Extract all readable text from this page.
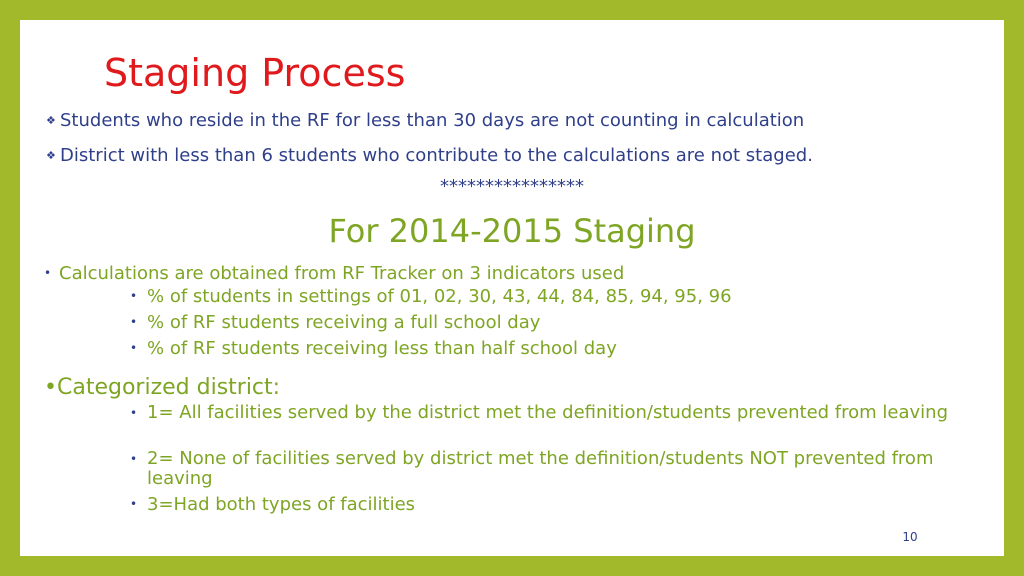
Staging Process
❖ Students who reside in the RF for less than 30 days are not counting in calculation
❖ District with less than 6 students who contribute to the calculations are not staged.
****************
For 2014-2015 Staging
• Calculations are obtained from RF Tracker on 3 indicators used
• % of students in settings of 01, 02, 30, 43, 44, 84, 85, 94, 95, 96
• % of RF students receiving a full school day
• % of RF students receiving less than half school day
•Categorized district:
• 1= All facilities served by the district met the definition/students prevented from leaving
• 2= None of facilities served by district met the definition/students NOT prevented from leaving
• 3=Had both types of facilities
10
